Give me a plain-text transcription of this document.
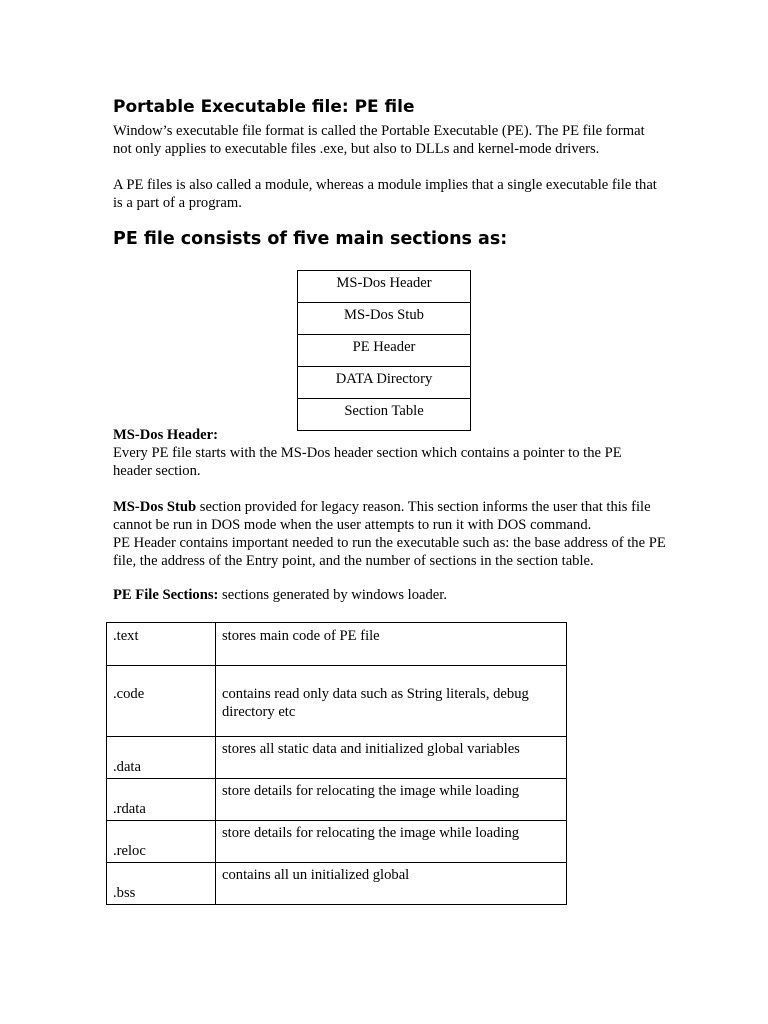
Portable Executable file: PE file

Window’s executable file format is called the Portable Executable (PE). The PE file format not only applies to executable files .exe, but also to DLLs and kernel-mode drivers.

A PE files is also called a module, whereas a module implies that a single executable file that is a part of a program.

PE file consists of five main sections as:
MS-Dos Header
MS-Dos Stub
PE Header
DATA Directory
Section Table

MS-Dos Header:
Every PE file starts with the MS-Dos header section which contains a pointer to the PE header section.

MS-Dos Stub section provided for legacy reason. This section informs the user that this file cannot be run in DOS mode when the user attempts to run it with DOS command.
PE Header contains important needed to run the executable such as: the base address of the PE file, the address of the Entry point, and the number of sections in the section table.

PE File Sections: sections generated by windows loader.

.text	stores main code of PE file
.code	contains read only data such as String literals, debug directory etc
.data	stores all static data and initialized global variables
.rdata	store details for relocating the image while loading
.reloc	store details for relocating the image while loading
.bss	contains all un initialized global
